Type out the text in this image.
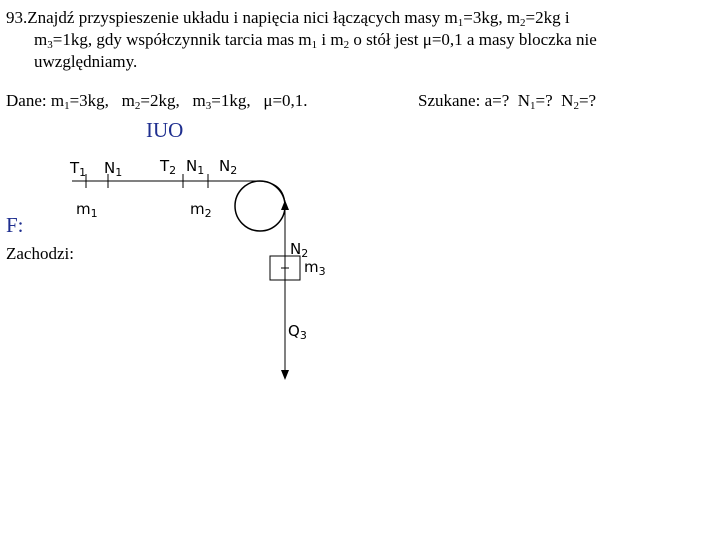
93.Znajdź przyspieszenie układu i napięcia nici łączących masy $m_1=3kg$, $m_2=2kg$ i
$m_3=1kg$, gdy współczynnik tarcia mas $m_1$ i $m_2$ o stół jest μ=0,1 a masy bloczka nie
uwzględniamy.
Dane: $m_1=3kg$, $m_2=2kg$, $m_3=1kg$, μ=0,1.	Szukane: a=? $N_1=$? $N_2=$?
IUO
F:
Zachodzi:
$T_1$ $N_1$
$m_1$
$T_2$ $N_1$ $N_2$
$m_2$
$N_2$
$m_3$
$Q_3$
